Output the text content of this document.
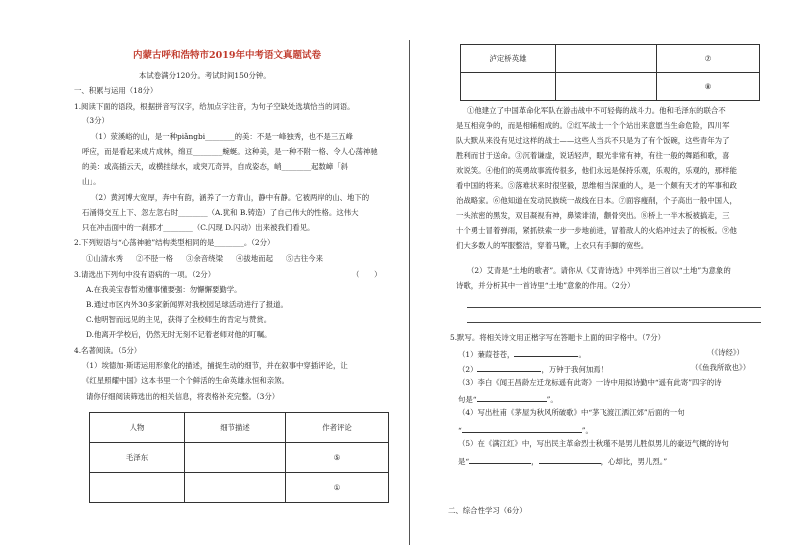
内蒙古呼和浩特市2019年中考语文真题试卷
本试卷满分120分。考试时间150分钟。
一、积累与运用（18分）
1.阅读下面的语段，根据拼音写汉字，给加点字注音，为句子空缺处选填恰当的词语。
（3分）
（1）荥溪峪的山，是一种piǎngbi________的美：不是一峰独秀，也不是三五峰
呼应，而是看起来成片成林，绵亘________蜿蜒。这种美，是一种不附一格、令人心荡神驰
的美：或高插云天，或横挂绿水，或突兀奇异，自成姿态，峭________起数嶂「斜
山」。
（2）黄河博大宽厚，奔中有韵，涵养了一方青山，静中有静。它被两岸的山、地下的
石涌得交互上下、忽左忽右时________（A.犹和 B.铸造）了自己伟大的性格。这伟大
只在冲击面中的一刹那才________（C.闪现 D.闪动）出来被我们看见。
2.下列短语与“心荡神驰”结构类型相同的是________。（2分）
①山清水秀 ②不胫一格 ③余音绕梁 ④拔地而起 ⑤古往今来
3.请选出下列句中没有语病的一项。（2分）	（　　）
A.在我美宝春暂劝懂事懂要强：勿懈懈要勤学。
B.通过市区内外30多家新闻界对我校园足球活动进行了报道。
C.他明智而远见的主见，获得了全校师生的肯定与赞赏。
D.他离开学校后，仍然无时无刻不记着老师对他的叮嘱。
4.名著阅读。（5分）
（1）埃德加·斯诺运用形象化的描述，捕捉生动的细节，并在叙事中穿插评论，让
《红星照耀中国》这本书里一个个鲜活的生命英雄永恒和亲煞。
请你仔细阅读筛选出的相关信息，将表格补充完整。（3分）
人物	细节描述	作者评论
毛泽东		⑤
		①
泸定桥英雄		⑦
		⑧
①他建立了中国革命化军队在游击战中不可轻侮的战斗力。他和毛泽东的联合不
是互相竞争的，而是相辅相成的。②红军战士一个个站出来意愿当生命危险，四川军
队大默从来没有见过这样的战士——这些人当兵不只是为了有个饭碗，这些青年为了
胜利而甘于送命。③沉着谦虚，说话轻声，眼光非常有神，有往一般的舞蹈和歌，喜
欢说笑。④他们的英勇故事流传很多，他们永远是保持乐观，乐观的，乐观的，那样能
看中国的将来。⑤落难状来时很坚毅，思维相当深重的人，是一个颇有天才的军事和政
治战略家。⑥他知道在发动民族统一战线在日本。⑦面容瘦削，个子高出一般中国人，
一头浓密的黑发，双目凝视有神，鼻梁诽清，颧骨突出。⑧桥上一半木板被搞走，三
十个勇士冒着弹雨，紧抓铁索一步一步地前进，冒着敌人的火焰冲过去了的板板。⑨他
们大多数人的军服整洁，穿着马靴，上衣只有手脚的宽些。
（2）艾青是“土地的歌者”。请你从《艾青诗选》中列举出三首以“土地”为意象的
诗歌，并分析其中一首诗里“土地”意象的作用。（2分）
5.默写。将相关诗文用正楷字写在答题卡上面的田字格中。（7分）
（1）蒹葭苍苍，	。	（《诗经》）
（2）	，万钟于我何加焉！	（《鱼我所欲也》）
（3）李白《闻王昌龄左迁龙标遥有此寄》一诗中用拟诗勤中“遥有此寄”四字的诗
句是“	”。
（4）写出杜甫《茅屋为秋风所破歌》中“茅飞渡江洒江郊”后面的一句
“	”。
（5）在《满江红》中，写出民主革命烈士秋瑾不是男儿胜似男儿的豪迈气概的诗句
是“	，	，心却比，男儿烈。”
二、综合性学习（6分）
